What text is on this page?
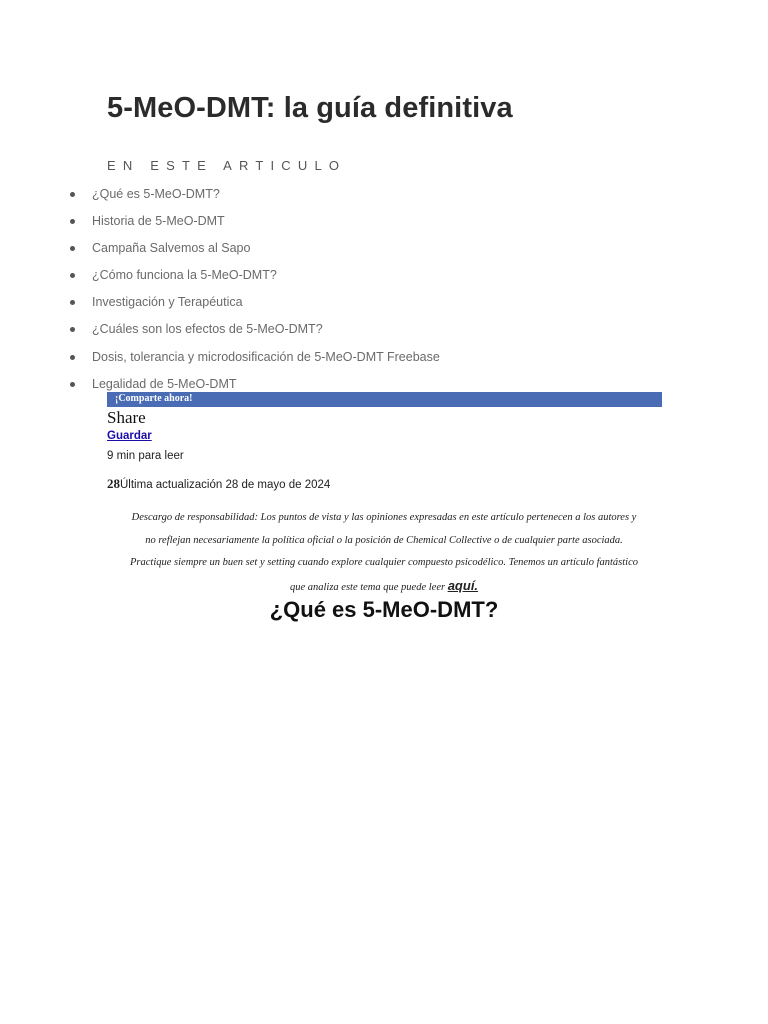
5-MeO-DMT: la guía definitiva
EN ESTE ARTICULO
¿Qué es 5-MeO-DMT?
Historia de 5-MeO-DMT
Campaña Salvemos al Sapo
¿Cómo funciona la 5-MeO-DMT?
Investigación y Terapéutica
¿Cuáles son los efectos de 5-MeO-DMT?
Dosis, tolerancia y microdosificación de 5-MeO-DMT Freebase
Legalidad de 5-MeO-DMT
¡Comparte ahora!
Share
Guardar
9 min para leer
28Última actualización 28 de mayo de 2024

Descargo de responsabilidad: Los puntos de vista y las opiniones expresadas en este artículo pertenecen a los autores y
no reflejan necesariamente la política oficial o la posición de Chemical Collective o de cualquier parte asociada.
Practique siempre un buen set y setting cuando explore cualquier compuesto psicodélico. Tenemos un artículo fantástico
que analiza este tema que puede leer aquí.

¿Qué es 5-MeO-DMT?
